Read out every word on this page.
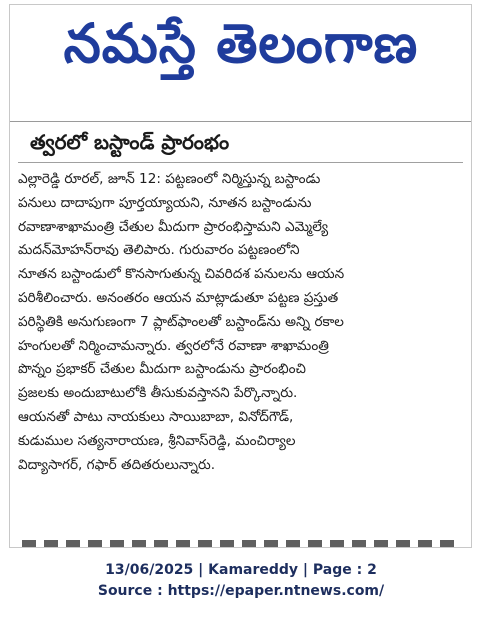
నమస్తే తెలంగాణ
త్వరలో బస్టాండ్ ప్రారంభం
ఎల్లారెడ్డి రూరల్, జూన్ 12: పట్టణంలో నిర్మిస్తున్న బస్టాండు
పనులు దాదాపుగా పూర్తయ్యాయని, నూతన బస్టాండును
రవాణాశాఖామంత్రి చేతుల మీదుగా ప్రారంభిస్తామని ఎమ్మెల్యే
మదన్‌మోహన్‌రావు తెలిపారు. గురువారం పట్టణంలోని
నూతన బస్టాండులో కొనసాగుతున్న చివరిదశ పనులను ఆయన
పరిశీలించారు. అనంతరం ఆయన మాట్లాడుతూ పట్టణ ప్రస్తుత
పరిస్థితికి అనుగుణంగా 7 ప్లాట్‌ఫాంలతో బస్టాండ్‌ను అన్ని రకాల
హంగులతో నిర్మించామన్నారు. త్వరలోనే రవాణా శాఖామంత్రి
పొన్నం ప్రభాకర్ చేతుల మీదుగా బస్టాండును ప్రారంభించి
ప్రజలకు అందుబాటులోకి తీసుకువస్తానని పేర్కొన్నారు.
ఆయనతో పాటు నాయకులు సాయిబాబా, వినోద్‌గౌడ్,
కుడుముల సత్యనారాయణ, శ్రీనివాస్‌రెడ్డి, మంచిర్యాల
విద్యాసాగర్, గఫార్ తదితరులున్నారు.
13/06/2025 | Kamareddy | Page : 2
Source : https://epaper.ntnews.com/
